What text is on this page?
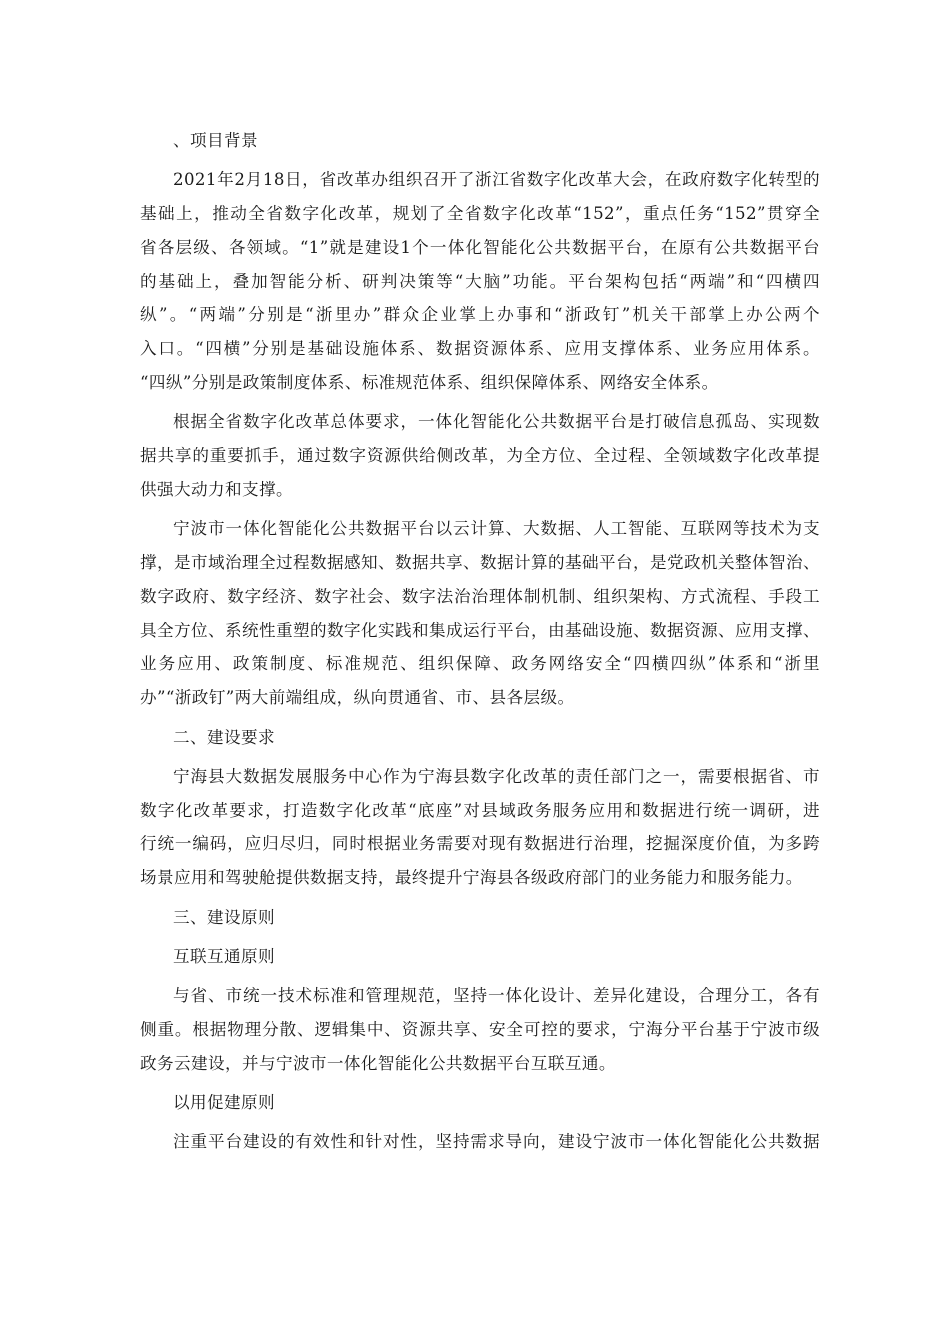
、项目背景
2021年2月18日，省改革办组织召开了浙江省数字化改革大会，在政府数字化转型的
基础上，推动全省数字化改革，规划了全省数字化改革“152”，重点任务“152”贯穿全
省各层级、各领域。“1”就是建设1个一体化智能化公共数据平台，在原有公共数据平台
的基础上，叠加智能分析、研判决策等“大脑”功能。平台架构包括“两端”和“四横四
纵”。“两端”分别是“浙里办”群众企业掌上办事和“浙政钉”机关干部掌上办公两个
入口。“四横”分别是基础设施体系、数据资源体系、应用支撑体系、业务应用体系。
“四纵”分别是政策制度体系、标准规范体系、组织保障体系、网络安全体系。
根据全省数字化改革总体要求，一体化智能化公共数据平台是打破信息孤岛、实现数
据共享的重要抓手，通过数字资源供给侧改革，为全方位、全过程、全领域数字化改革提
供强大动力和支撑。
宁波市一体化智能化公共数据平台以云计算、大数据、人工智能、互联网等技术为支
撑，是市域治理全过程数据感知、数据共享、数据计算的基础平台，是党政机关整体智治、
数字政府、数字经济、数字社会、数字法治治理体制机制、组织架构、方式流程、手段工
具全方位、系统性重塑的数字化实践和集成运行平台，由基础设施、数据资源、应用支撑、
业务应用、政策制度、标准规范、组织保障、政务网络安全“四横四纵”体系和“浙里
办”“浙政钉”两大前端组成，纵向贯通省、市、县各层级。
二、建设要求
宁海县大数据发展服务中心作为宁海县数字化改革的责任部门之一，需要根据省、市
数字化改革要求，打造数字化改革“底座”对县域政务服务应用和数据进行统一调研，进
行统一编码，应归尽归，同时根据业务需要对现有数据进行治理，挖掘深度价值，为多跨
场景应用和驾驶舱提供数据支持，最终提升宁海县各级政府部门的业务能力和服务能力。
三、建设原则
互联互通原则
与省、市统一技术标准和管理规范，坚持一体化设计、差异化建设，合理分工，各有
侧重。根据物理分散、逻辑集中、资源共享、安全可控的要求，宁海分平台基于宁波市级
政务云建设，并与宁波市一体化智能化公共数据平台互联互通。
以用促建原则
注重平台建设的有效性和针对性，坚持需求导向，建设宁波市一体化智能化公共数据
